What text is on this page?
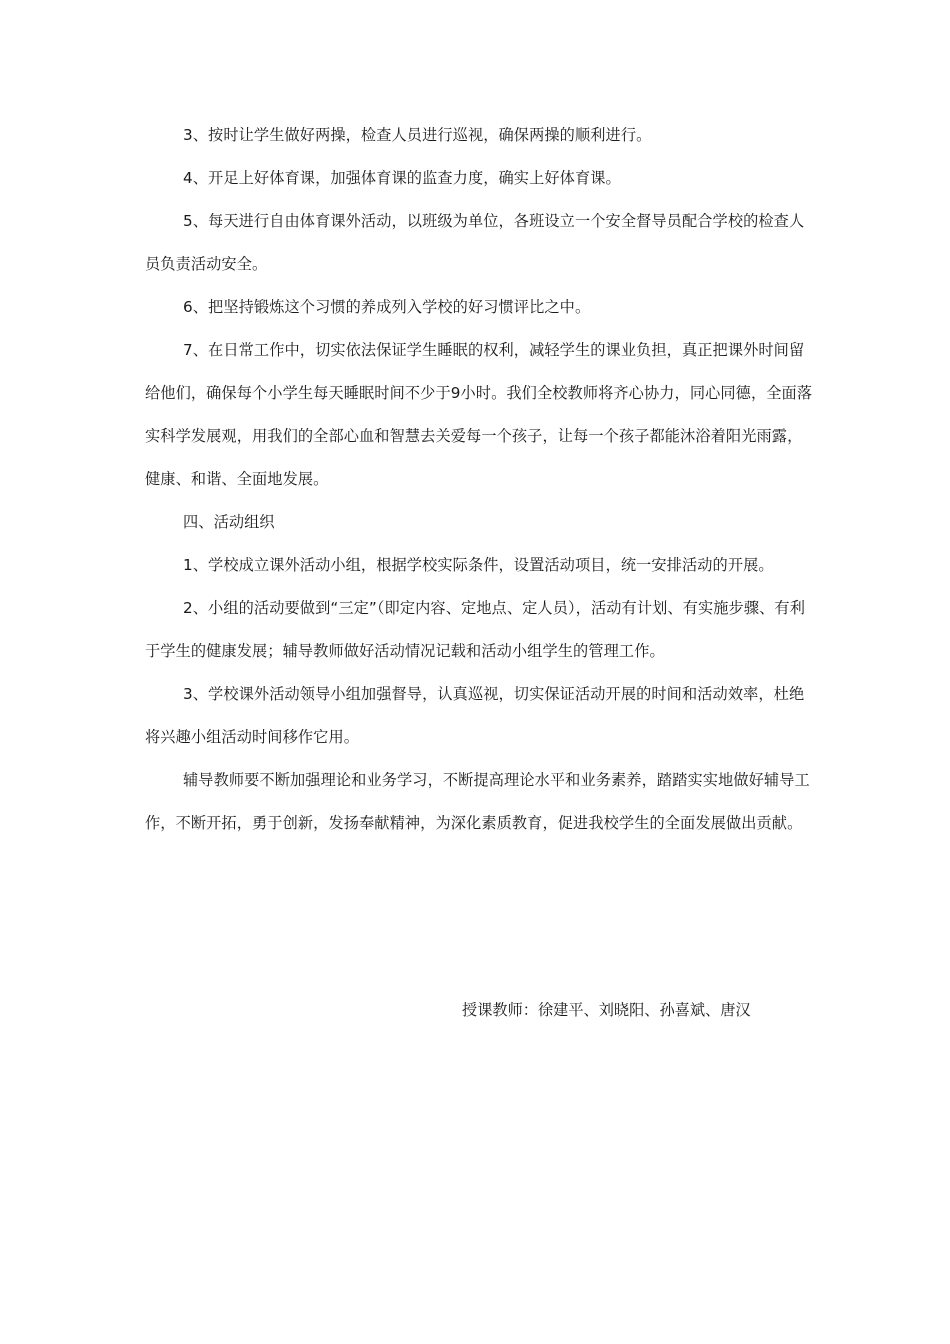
3、按时让学生做好两操，检查人员进行巡视，确保两操的顺利进行。

4、开足上好体育课，加强体育课的监查力度，确实上好体育课。

5、每天进行自由体育课外活动，以班级为单位，各班设立一个安全督导员配合学校的检查人员负责活动安全。

6、把坚持锻炼这个习惯的养成列入学校的好习惯评比之中。

7、在日常工作中，切实依法保证学生睡眠的权利，减轻学生的课业负担，真正把课外时间留给他们，确保每个小学生每天睡眠时间不少于9小时。我们全校教师将齐心协力，同心同德，全面落实科学发展观，用我们的全部心血和智慧去关爱每一个孩子，让每一个孩子都能沐浴着阳光雨露，健康、和谐、全面地发展。

四、活动组织

1、学校成立课外活动小组，根据学校实际条件，设置活动项目，统一安排活动的开展。

2、小组的活动要做到“三定”（即定内容、定地点、定人员），活动有计划、有实施步骤、有利于学生的健康发展；辅导教师做好活动情况记载和活动小组学生的管理工作。

3、学校课外活动领导小组加强督导，认真巡视，切实保证活动开展的时间和活动效率，杜绝将兴趣小组活动时间移作它用。

辅导教师要不断加强理论和业务学习，不断提高理论水平和业务素养，踏踏实实地做好辅导工作，不断开拓，勇于创新，发扬奉献精神，为深化素质教育，促进我校学生的全面发展做出贡献。

授课教师：徐建平、刘晓阳、孙喜斌、唐汉
